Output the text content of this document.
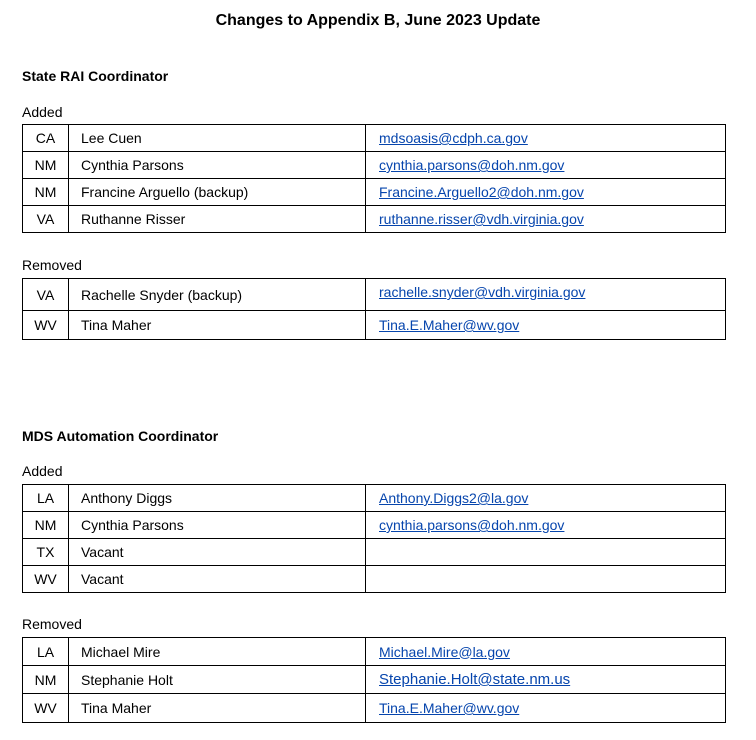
Changes to Appendix B, June 2023 Update
State RAI Coordinator
Added
CA	Lee Cuen	mdsoasis@cdph.ca.gov
NM	Cynthia Parsons	cynthia.parsons@doh.nm.gov
NM	Francine Arguello (backup)	Francine.Arguello2@doh.nm.gov
VA	Ruthanne Risser	ruthanne.risser@vdh.virginia.gov
Removed
VA	Rachelle Snyder (backup)	rachelle.snyder@vdh.virginia.gov
WV	Tina Maher	Tina.E.Maher@wv.gov
MDS Automation Coordinator
Added
LA	Anthony Diggs	Anthony.Diggs2@la.gov
NM	Cynthia Parsons	cynthia.parsons@doh.nm.gov
TX	Vacant	
WV	Vacant	
Removed
LA	Michael Mire	Michael.Mire@la.gov
NM	Stephanie Holt	Stephanie.Holt@state.nm.us
WV	Tina Maher	Tina.E.Maher@wv.gov
